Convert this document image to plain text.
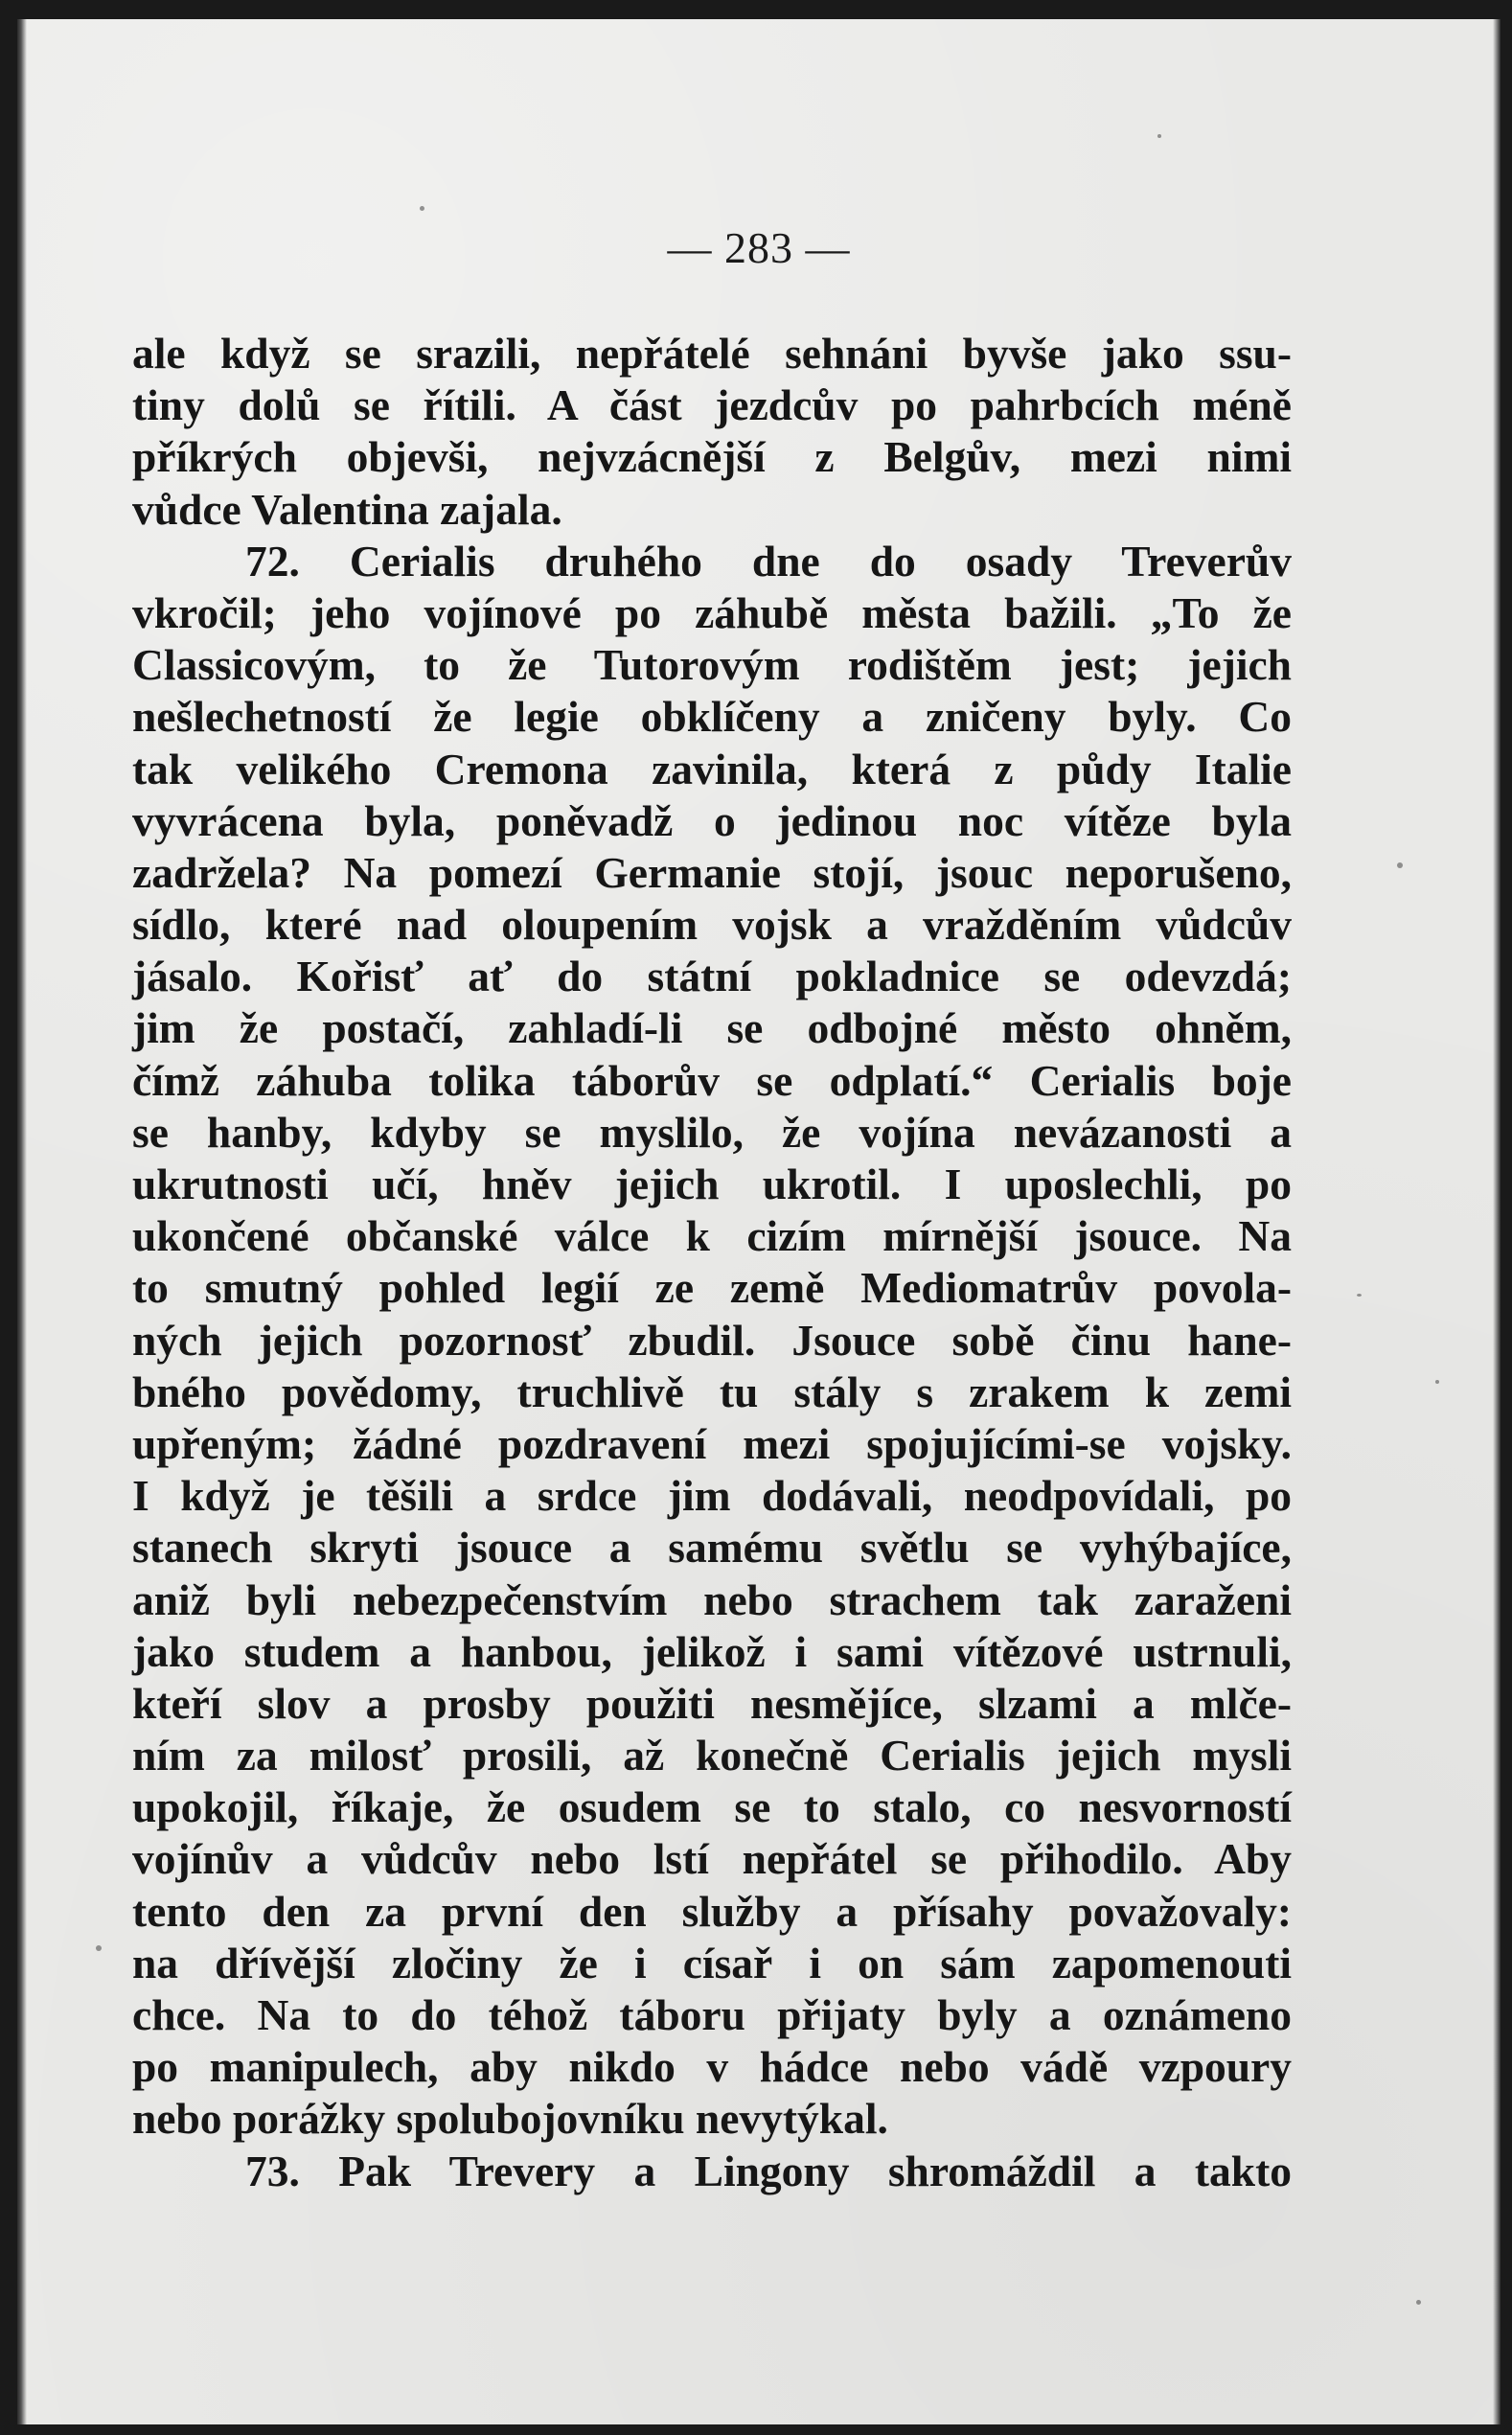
— 283 —
ale když se srazili, nepřátelé sehnáni byvše jako ssu-
tiny dolů se řítili. A část jezdcův po pahrbcích méně
příkrých objevši, nejvzácnější z Belgův, mezi nimi
vůdce Valentina zajala.
72. Cerialis druhého dne do osady Treverův
vkročil; jeho vojínové po záhubě města bažili. „To že
Classicovým, to že Tutorovým rodištěm jest; jejich
nešlechetností že legie obklíčeny a zničeny byly. Co
tak velikého Cremona zavinila, která z půdy Italie
vyvrácena byla, poněvadž o jedinou noc vítěze byla
zadržela? Na pomezí Germanie stojí, jsouc neporušeno,
sídlo, které nad oloupením vojsk a vražděním vůdcův
jásalo. Kořisť ať do státní pokladnice se odevzdá;
jim že postačí, zahladí-li se odbojné město ohněm,
čímž záhuba tolika táborův se odplatí.“ Cerialis boje
se hanby, kdyby se myslilo, že vojína nevázanosti a
ukrutnosti učí, hněv jejich ukrotil. I uposlechli, po
ukončené občanské válce k cizím mírnější jsouce. Na
to smutný pohled legií ze země Mediomatrův povola-
ných jejich pozornosť zbudil. Jsouce sobě činu hane-
bného povědomy, truchlivě tu stály s zrakem k zemi
upřeným; žádné pozdravení mezi spojujícími-se vojsky.
I když je těšili a srdce jim dodávali, neodpovídali, po
stanech skryti jsouce a samému světlu se vyhýbajíce,
aniž byli nebezpečenstvím nebo strachem tak zaraženi
jako studem a hanbou, jelikož i sami vítězové ustrnuli,
kteří slov a prosby použiti nesmějíce, slzami a mlče-
ním za milosť prosili, až konečně Cerialis jejich mysli
upokojil, říkaje, že osudem se to stalo, co nesvorností
vojínův a vůdcův nebo lstí nepřátel se přihodilo. Aby
tento den za první den služby a přísahy považovaly:
na dřívější zločiny že i císař i on sám zapomenouti
chce. Na to do téhož táboru přijaty byly a oznámeno
po manipulech, aby nikdo v hádce nebo vádě vzpoury
nebo porážky spolubojovníku nevytýkal.
73. Pak Trevery a Lingony shromáždil a takto
